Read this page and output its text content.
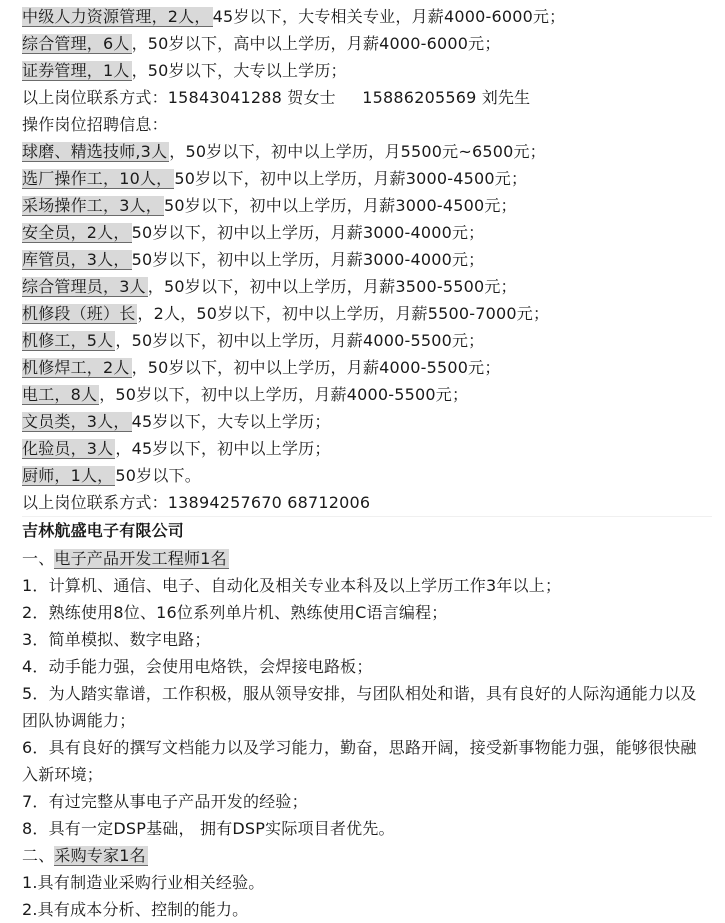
中级人力资源管理，2人， 45岁以下，大专相关专业，月薪4000-6000元；
综合管理，6人 ，50岁以下，高中以上学历，月薪4000-6000元；
证券管理，1人 ，50岁以下，大专以上学历；
以上岗位联系方式：15843041288 贺女士     15886205569 刘先生
操作岗位招聘信息：
球磨、精选技师,3人 ，50岁以下，初中以上学历，月5500元~6500元；
选厂操作工，10人， 50岁以下，初中以上学历，月薪3000-4500元；
采场操作工，3人， 50岁以下，初中以上学历，月薪3000-4500元；
安全员，2人， 50岁以下，初中以上学历，月薪3000-4000元；
库管员，3人， 50岁以下，初中以上学历，月薪3000-4000元；
综合管理员，3人 ，50岁以下，初中以上学历，月薪3500-5500元；
机修段（班）长 ，2人，50岁以下，初中以上学历，月薪5500-7000元；
机修工，5人 ，50岁以下，初中以上学历，月薪4000-5500元；
机修焊工，2人 ，50岁以下，初中以上学历，月薪4000-5500元；
电工，8人 ，50岁以下，初中以上学历，月薪4000-5500元；
文员类，3人， 45岁以下，大专以上学历；
化验员，3人 ，45岁以下，初中以上学历；
厨师，1人， 50岁以下。
以上岗位联系方式：13894257670 68712006
吉林航盛电子有限公司
一、电子产品开发工程师1名
1．计算机、通信、电子、自动化及相关专业本科及以上学历工作3年以上；
2．熟练使用8位、16位系列单片机、熟练使用C语言编程；
3．简单模拟、数字电路；
4．动手能力强，会使用电烙铁，会焊接电路板；
5．为人踏实靠谱，工作积极，服从领导安排，与团队相处和谐，具有良好的人际沟通能力以及团队协调能力；
6．具有良好的撰写文档能力以及学习能力，勤奋，思路开阔，接受新事物能力强，能够很快融入新环境；
7．有过完整从事电子产品开发的经验；
8．具有一定DSP基础， 拥有DSP实际项目者优先。
二、采购专家1名
1.具有制造业采购行业相关经验。
2.具有成本分析、控制的能力。
